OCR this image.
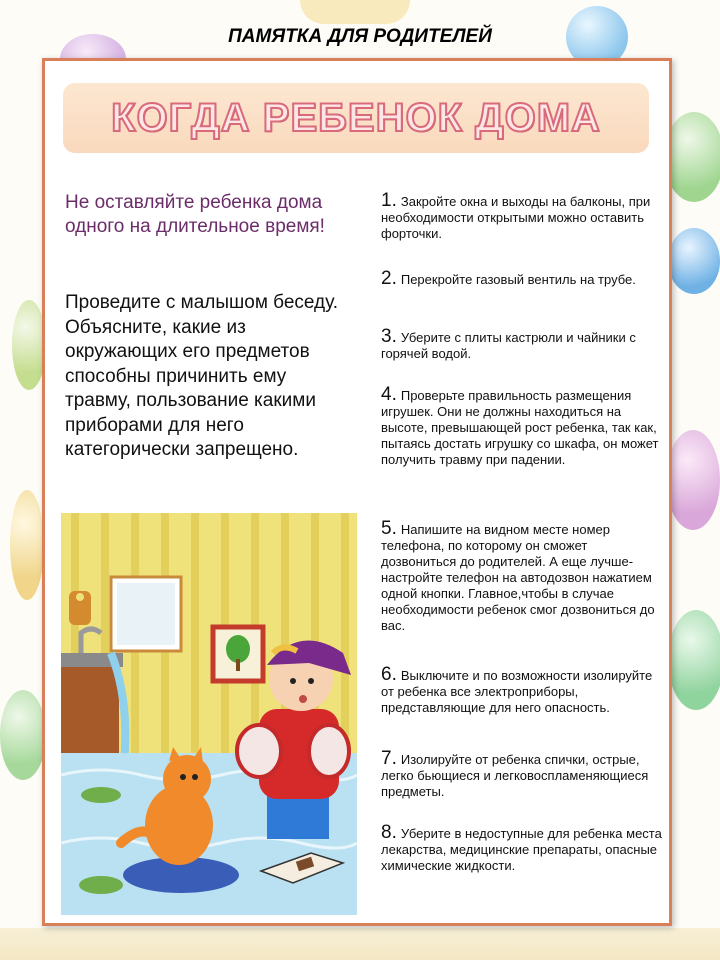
ПАМЯТКА ДЛЯ РОДИТЕЛЕЙ
КОГДА РЕБЕНОК ДОМА
Не оставляйте ребенка дома одного на длительное время!
Проведите с малышом беседу. Объясните, какие из окружающих его предметов способны причинить ему травму, пользование какими приборами для него категорически запрещено.
1. Закройте окна и выходы на балконы, при необходимости открытыми можно оставить форточки.
2. Перекройте газовый вентиль на трубе.
3. Уберите с плиты кастрюли и чайники с горячей водой.
4. Проверьте правильность размещения игрушек. Они не должны находиться на высоте, превышающей рост ребенка, так как, пытаясь достать игрушку со шкафа, он может получить травму при падении.
5. Напишите на видном месте номер телефона, по которому он сможет дозвониться до родителей. А еще лучше-настройте телефон на автодозвон нажатием одной кнопки. Главное,чтобы в случае необходимости ребенок смог дозвониться до вас.
6. Выключите и по возможности изолируйте от ребенка все электроприборы, представляющие для него опасность.
7. Изолируйте от ребенка спички, острые, легко бьющиеся и легковоспламеняющиеся предметы.
8. Уберите в недоступные для ребенка места лекарства, медицинские препараты, опасные химические жидкости.
